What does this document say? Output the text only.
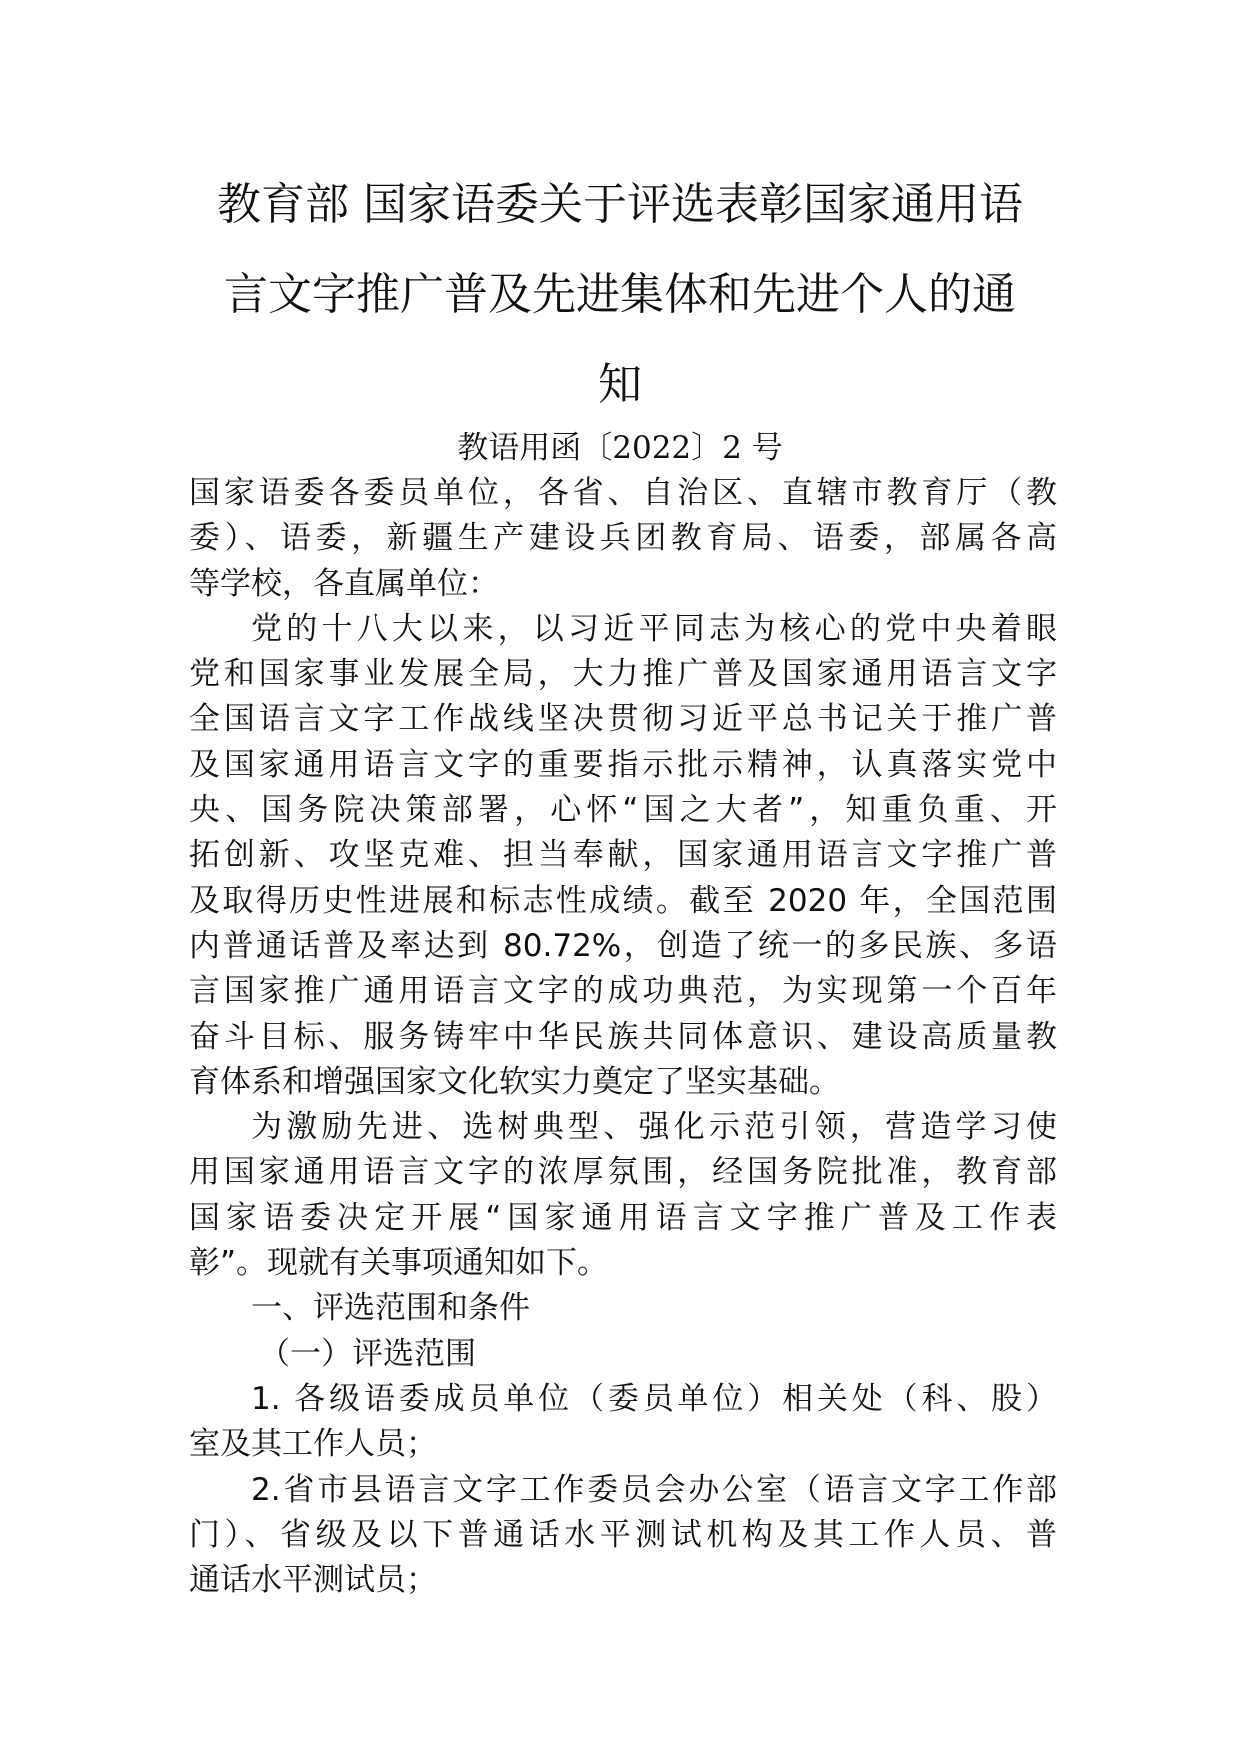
教育部 国家语委关于评选表彰国家通用语
言文字推广普及先进集体和先进个人的通
知
教语用函〔2022〕2 号
国家语委各委员单位，各省、自治区、直辖市教育厅（教
委）、语委，新疆生产建设兵团教育局、语委，部属各高
等学校，各直属单位：
党的十八大以来，以习近平同志为核心的党中央着眼
党和国家事业发展全局，大力推广普及国家通用语言文字
全国语言文字工作战线坚决贯彻习近平总书记关于推广普
及国家通用语言文字的重要指示批示精神，认真落实党中
央、国务院决策部署，心怀“国之大者”，知重负重、开
拓创新、攻坚克难、担当奉献，国家通用语言文字推广普
及取得历史性进展和标志性成绩。截至 2020 年，全国范围
内普通话普及率达到 80.72%，创造了统一的多民族、多语
言国家推广通用语言文字的成功典范，为实现第一个百年
奋斗目标、服务铸牢中华民族共同体意识、建设高质量教
育体系和增强国家文化软实力奠定了坚实基础。
为激励先进、选树典型、强化示范引领，营造学习使
用国家通用语言文字的浓厚氛围，经国务院批准，教育部
国家语委决定开展“国家通用语言文字推广普及工作表
彰”。现就有关事项通知如下。
一、评选范围和条件
（一）评选范围
1. 各级语委成员单位（委员单位）相关处（科、股）
室及其工作人员；
2.省市县语言文字工作委员会办公室（语言文字工作部
门）、省级及以下普通话水平测试机构及其工作人员、普
通话水平测试员；
